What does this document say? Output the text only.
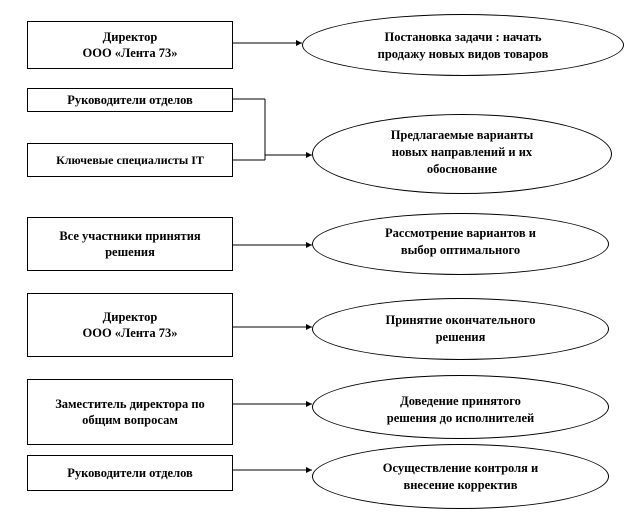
Директор
ООО «Лента 73»
Руководители отделов
Ключевые специалисты IT
Все участники принятия
решения
Директор
ООО «Лента 73»
Заместитель директора по
общим вопросам
Руководители отделов
Постановка задачи : начать
продажу новых видов товаров
Предлагаемые варианты
новых направлений и их
обоснование
Рассмотрение вариантов и
выбор оптимального
Принятие окончательного
решения
Доведение принятого
решения до исполнителей
Осуществление контроля и
внесение корректив
